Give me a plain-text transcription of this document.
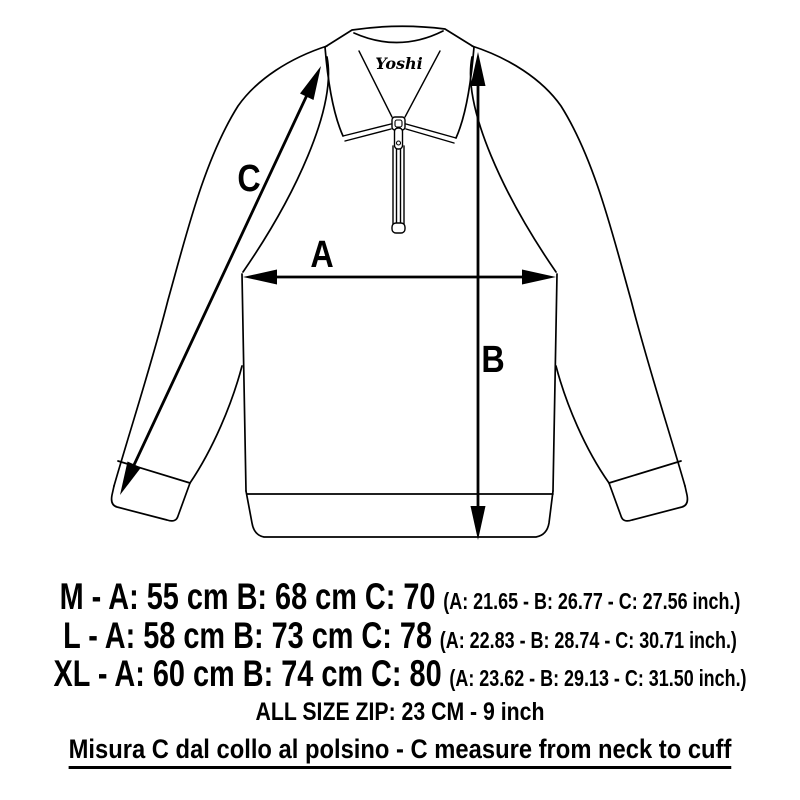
C
A
B
Yoshi
M - A: 55 cm B: 68 cm C: 70 (A: 21.65 - B: 26.77 - C: 27.56 inch.)
L - A: 58 cm B: 73 cm C: 78 (A: 22.83 - B: 28.74 - C: 30.71 inch.)
XL - A: 60 cm B: 74 cm C: 80 (A: 23.62 - B: 29.13 - C: 31.50 inch.)
ALL SIZE ZIP: 23 CM - 9 inch
Misura C dal collo al polsino - C measure from neck to cuff
